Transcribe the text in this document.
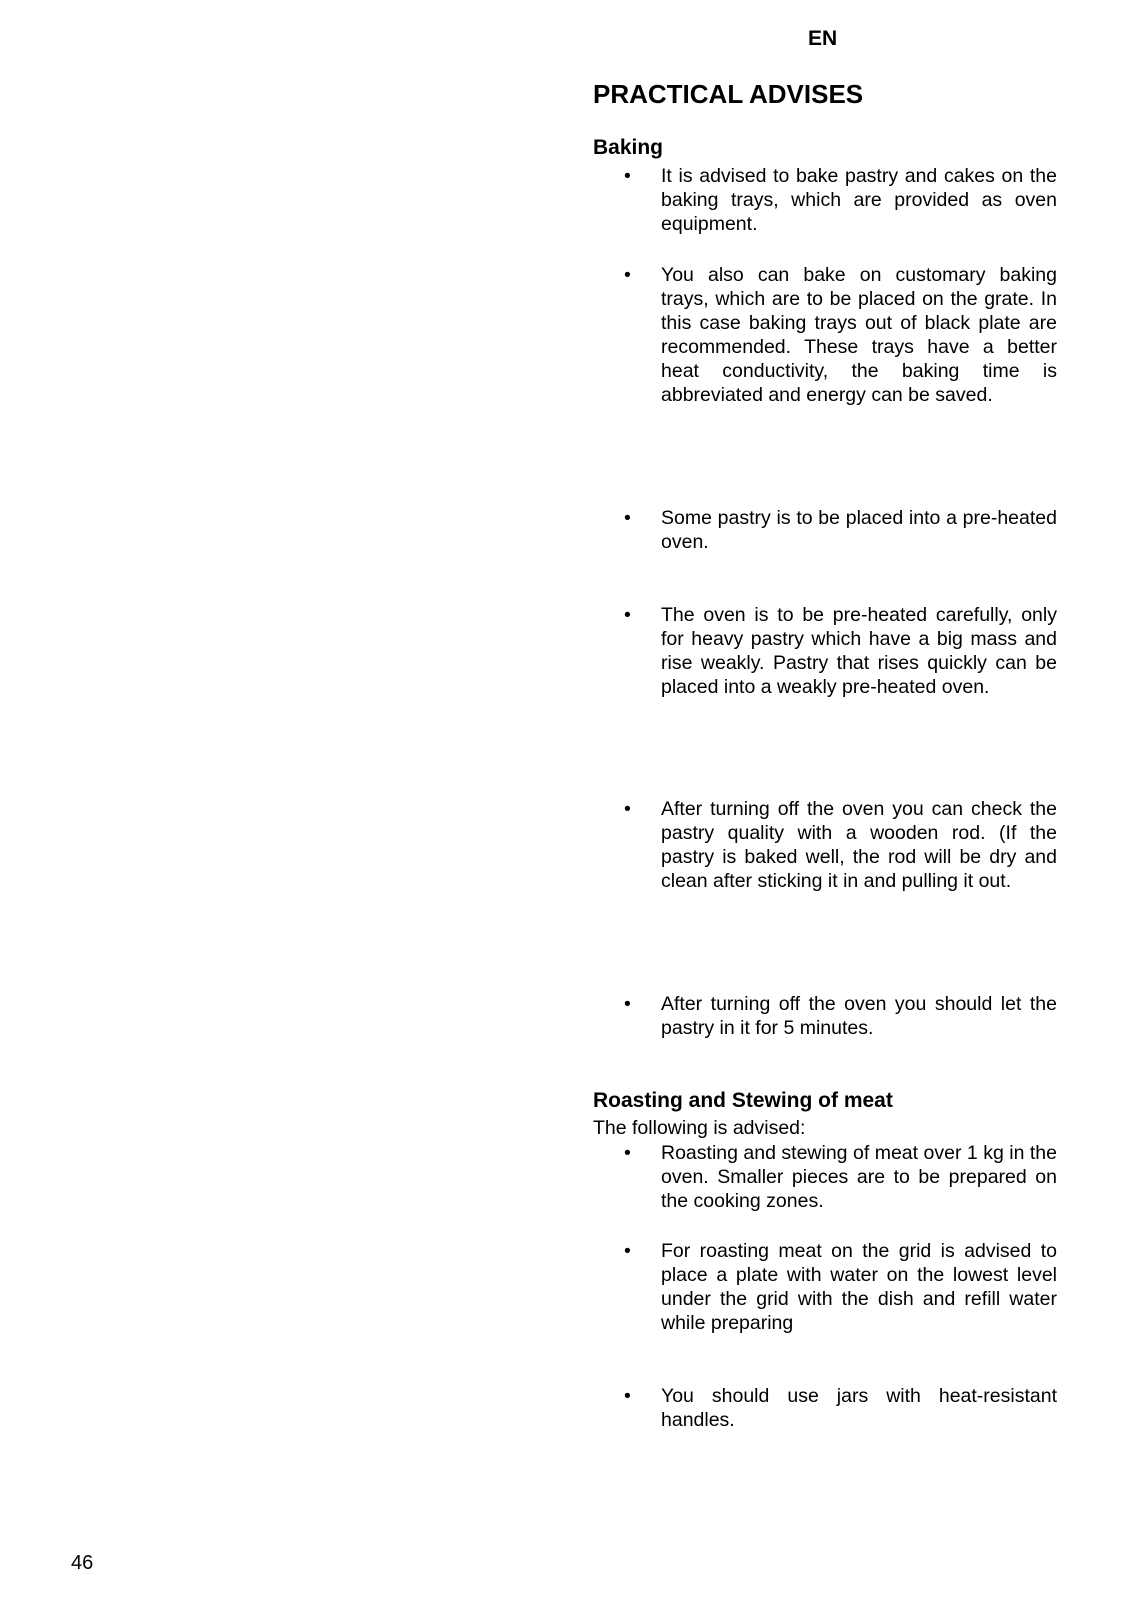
EN
PRACTICAL ADVISES
Baking
• It is advised to bake pastry and cakes on the baking trays, which are provided as oven equipment.
• You also can bake on customary baking trays, which are to be placed on the grate. In this case baking trays out of black plate are recommended. These trays have a better heat conductivity, the baking time is abbreviated and energy can be saved.
• Some pastry is to be placed into a pre-heated oven.
• The oven is to be pre-heated carefully, only for heavy pastry which have a big mass and rise weakly. Pastry that rises quickly can be placed into a weakly pre-heated oven.
• After turning off the oven you can check the pastry quality with a wooden rod. (If the pastry is baked well, the rod will be dry and clean after sticking it in and pulling it out.
• After turning off the oven you should let the pastry in it for 5 minutes.
Roasting and Stewing of meat

The following is advised:

• Roasting and stewing of meat over 1 kg in the oven. Smaller pieces are to be prepared on the cooking zones.
• For roasting meat on the grid is advised to place a plate with water on the lowest level under the grid with the dish and refill water while preparing
• You should use jars with heat-resistant handles.
46
